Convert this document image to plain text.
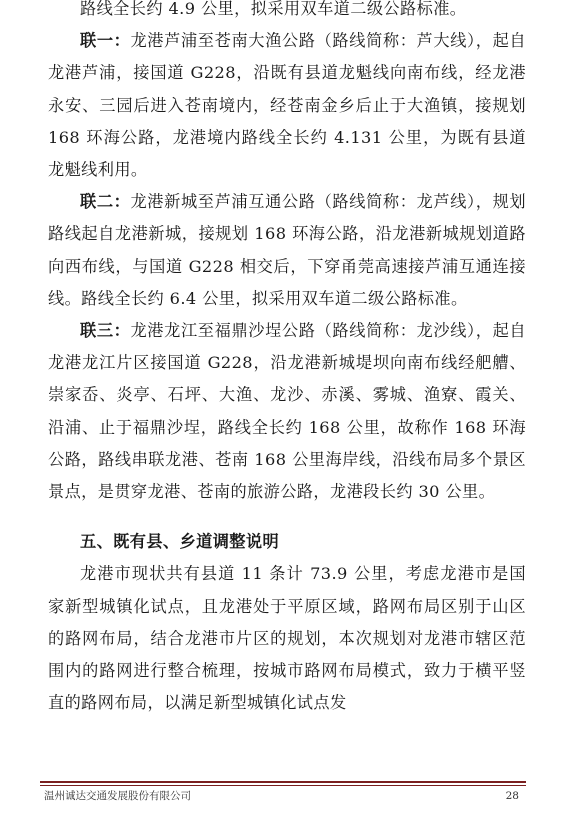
路线全长约 4.9 公里，拟采用双车道二级公路标准。

联一：龙港芦浦至苍南大渔公路（路线简称：芦大线），起自龙港芦浦，接国道 G228，沿既有县道龙魁线向南布线，经龙港永安、三园后进入苍南境内，经苍南金乡后止于大渔镇，接规划 168 环海公路，龙港境内路线全长约 4.131 公里，为既有县道龙魁线利用。

联二：龙港新城至芦浦互通公路（路线简称：龙芦线），规划路线起自龙港新城，接规划 168 环海公路，沿龙港新城规划道路向西布线，与国道 G228 相交后，下穿甬莞高速接芦浦互通连接线。路线全长约 6.4 公里，拟采用双车道二级公路标准。

联三：龙港龙江至福鼎沙埕公路（路线简称：龙沙线），起自龙港龙江片区接国道 G228，沿龙港新城堤坝向南布线经舥艚、崇家岙、炎亭、石坪、大渔、龙沙、赤溪、雾城、渔寮、霞关、沿浦、止于福鼎沙埕，路线全长约 168 公里，故称作 168 环海公路，路线串联龙港、苍南 168 公里海岸线，沿线布局多个景区景点，是贯穿龙港、苍南的旅游公路，龙港段长约 30 公里。

五、既有县、乡道调整说明

龙港市现状共有县道 11 条计 73.9 公里，考虑龙港市是国家新型城镇化试点，且龙港处于平原区域，路网布局区别于山区的路网布局，结合龙港市片区的规划，本次规划对龙港市辖区范围内的路网进行整合梳理，按城市路网布局模式，致力于横平竖直的路网布局，以满足新型城镇化试点发

温州诚达交通发展股份有限公司	28
